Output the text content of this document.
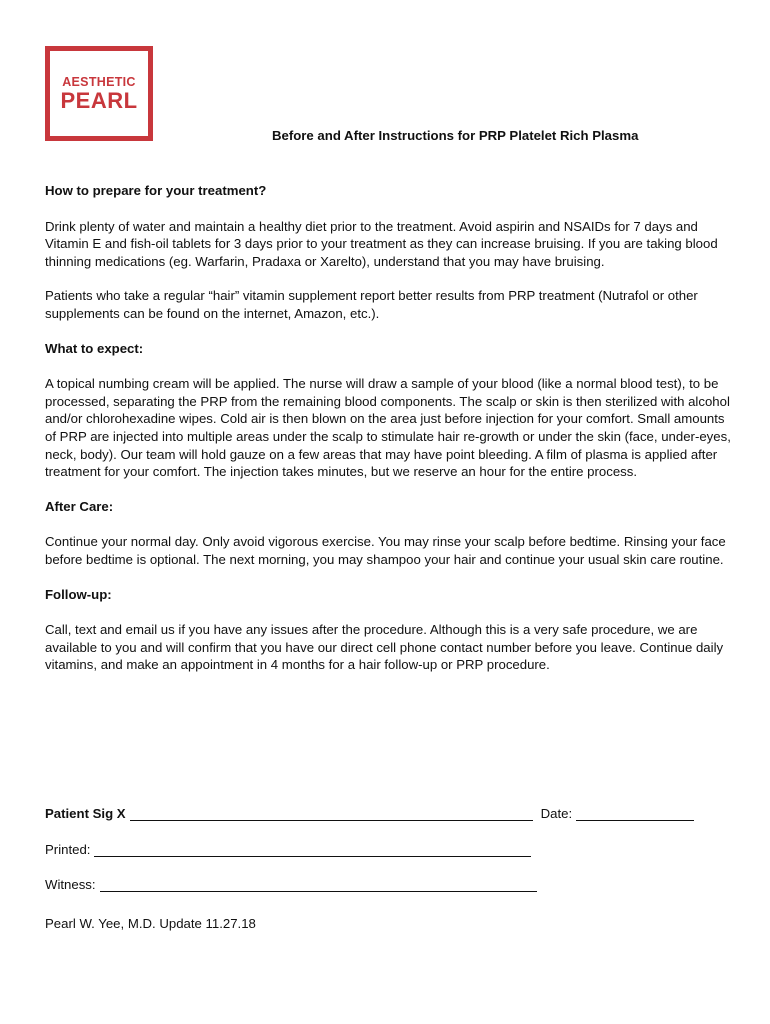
AESTHETIC
PEARL
Before and After Instructions for PRP Platelet Rich Plasma

How to prepare for your treatment?

Drink plenty of water and maintain a healthy diet prior to the treatment. Avoid aspirin and NSAIDs for 7 days and Vitamin E and fish-oil tablets for 3 days prior to your treatment as they can increase bruising. If you are taking blood thinning medications (eg. Warfarin, Pradaxa or Xarelto), understand that you may have bruising.

Patients who take a regular “hair” vitamin supplement report better results from PRP treatment (Nutrafol or other supplements can be found on the internet, Amazon, etc.).

What to expect:

A topical numbing cream will be applied. The nurse will draw a sample of your blood (like a normal blood test), to be processed, separating the PRP from the remaining blood components. The scalp or skin is then sterilized with alcohol and/or chlorohexadine wipes. Cold air is then blown on the area just before injection for your comfort. Small amounts of PRP are injected into multiple areas under the scalp to stimulate hair re-growth or under the skin (face, under-eyes, neck, body). Our team will hold gauze on a few areas that may have point bleeding. A film of plasma is applied after treatment for your comfort. The injection takes minutes, but we reserve an hour for the entire process.

After Care:

Continue your normal day. Only avoid vigorous exercise. You may rinse your scalp before bedtime. Rinsing your face before bedtime is optional. The next morning, you may shampoo your hair and continue your usual skin care routine.

Follow-up:

Call, text and email us if you have any issues after the procedure. Although this is a very safe procedure, we are available to you and will confirm that you have our direct cell phone contact number before you leave. Continue daily vitamins, and make an appointment in 4 months for a hair follow-up or PRP procedure.

Patient Sig X	Date:
Printed:
Witness:
Pearl W. Yee, M.D. Update 11.27.18
